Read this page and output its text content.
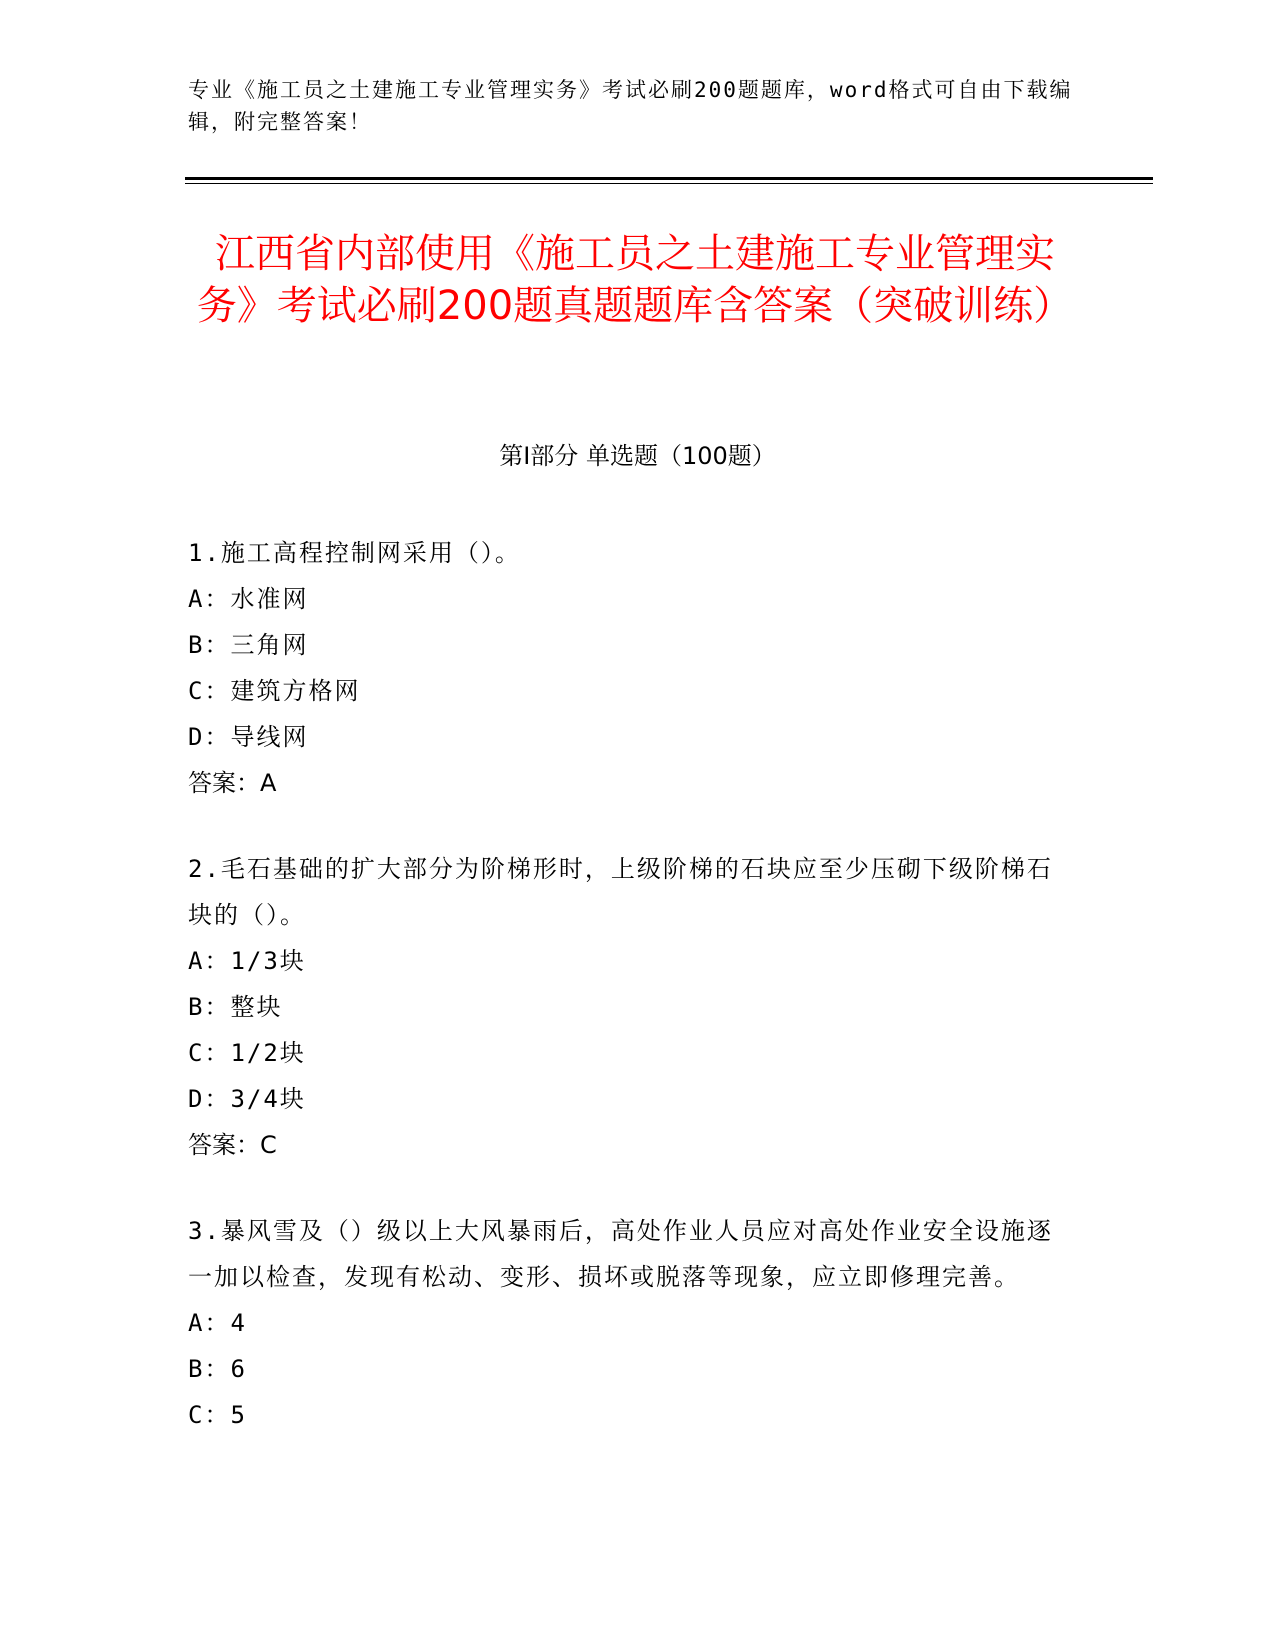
专业《施工员之土建施工专业管理实务》考试必刷200题题库，word格式可自由下载编辑，附完整答案！
江西省内部使用《施工员之土建施工专业管理实务》考试必刷200题真题题库含答案（突破训练）
第Ⅰ部分 单选题（100题）

1.施工高程控制网采用（）。

A：水准网

B：三角网

C：建筑方格网

D：导线网

答案：A

2.毛石基础的扩大部分为阶梯形时，上级阶梯的石块应至少压砌下级阶梯石块的（）。

A：1/3块

B：整块

C：1/2块

D：3/4块

答案：C

3.暴风雪及（）级以上大风暴雨后，高处作业人员应对高处作业安全设施逐一加以检查，发现有松动、变形、损坏或脱落等现象，应立即修理完善。

A：4

B：6

C：5
